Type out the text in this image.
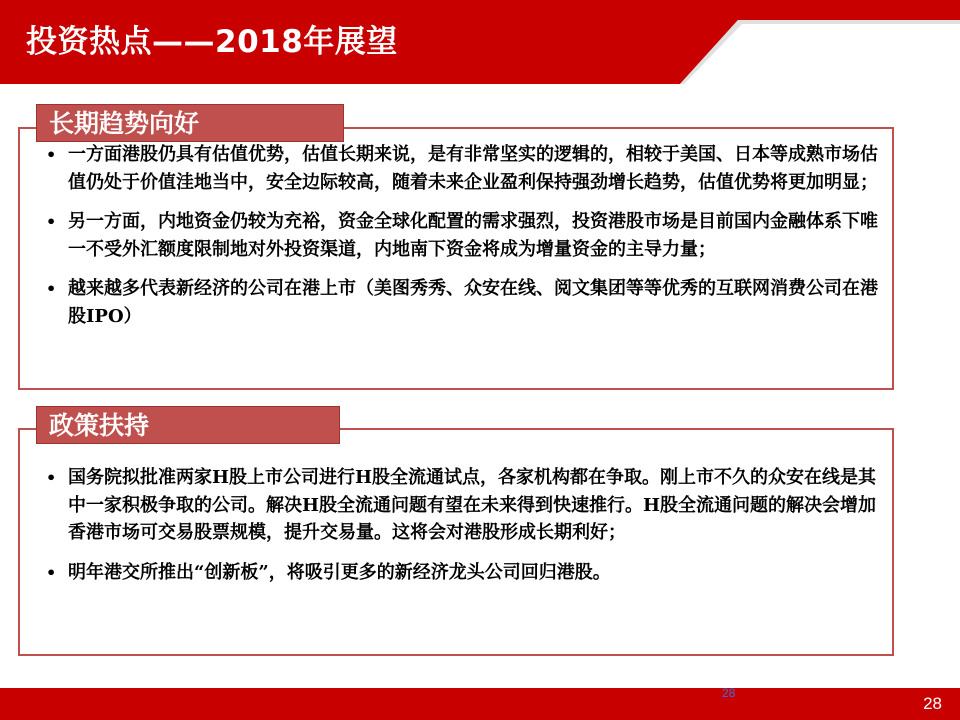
投资热点——2018年展望
• 一方面港股仍具有估值优势，估值长期来说，是有非常坚实的逻辑的，相较于美国、日本等成熟市场估值仍处于价值洼地当中，安全边际较高，随着未来企业盈利保持强劲增长趋势，估值优势将更加明显；
• 另一方面，内地资金仍较为充裕，资金全球化配置的需求强烈，投资港股市场是目前国内金融体系下唯一不受外汇额度限制地对外投资渠道，内地南下资金将成为增量资金的主导力量；
• 越来越多代表新经济的公司在港上市（美图秀秀、众安在线、阅文集团等等优秀的互联网消费公司在港股IPO）
长期趋势向好
• 国务院拟批准两家H股上市公司进行H股全流通试点，各家机构都在争取。刚上市不久的众安在线是其中一家积极争取的公司。解决H股全流通问题有望在未来得到快速推行。H股全流通问题的解决会增加香港市场可交易股票规模，提升交易量。这将会对港股形成长期利好；
• 明年港交所推出“创新板”，将吸引更多的新经济龙头公司回归港股。
政策扶持
28
28
